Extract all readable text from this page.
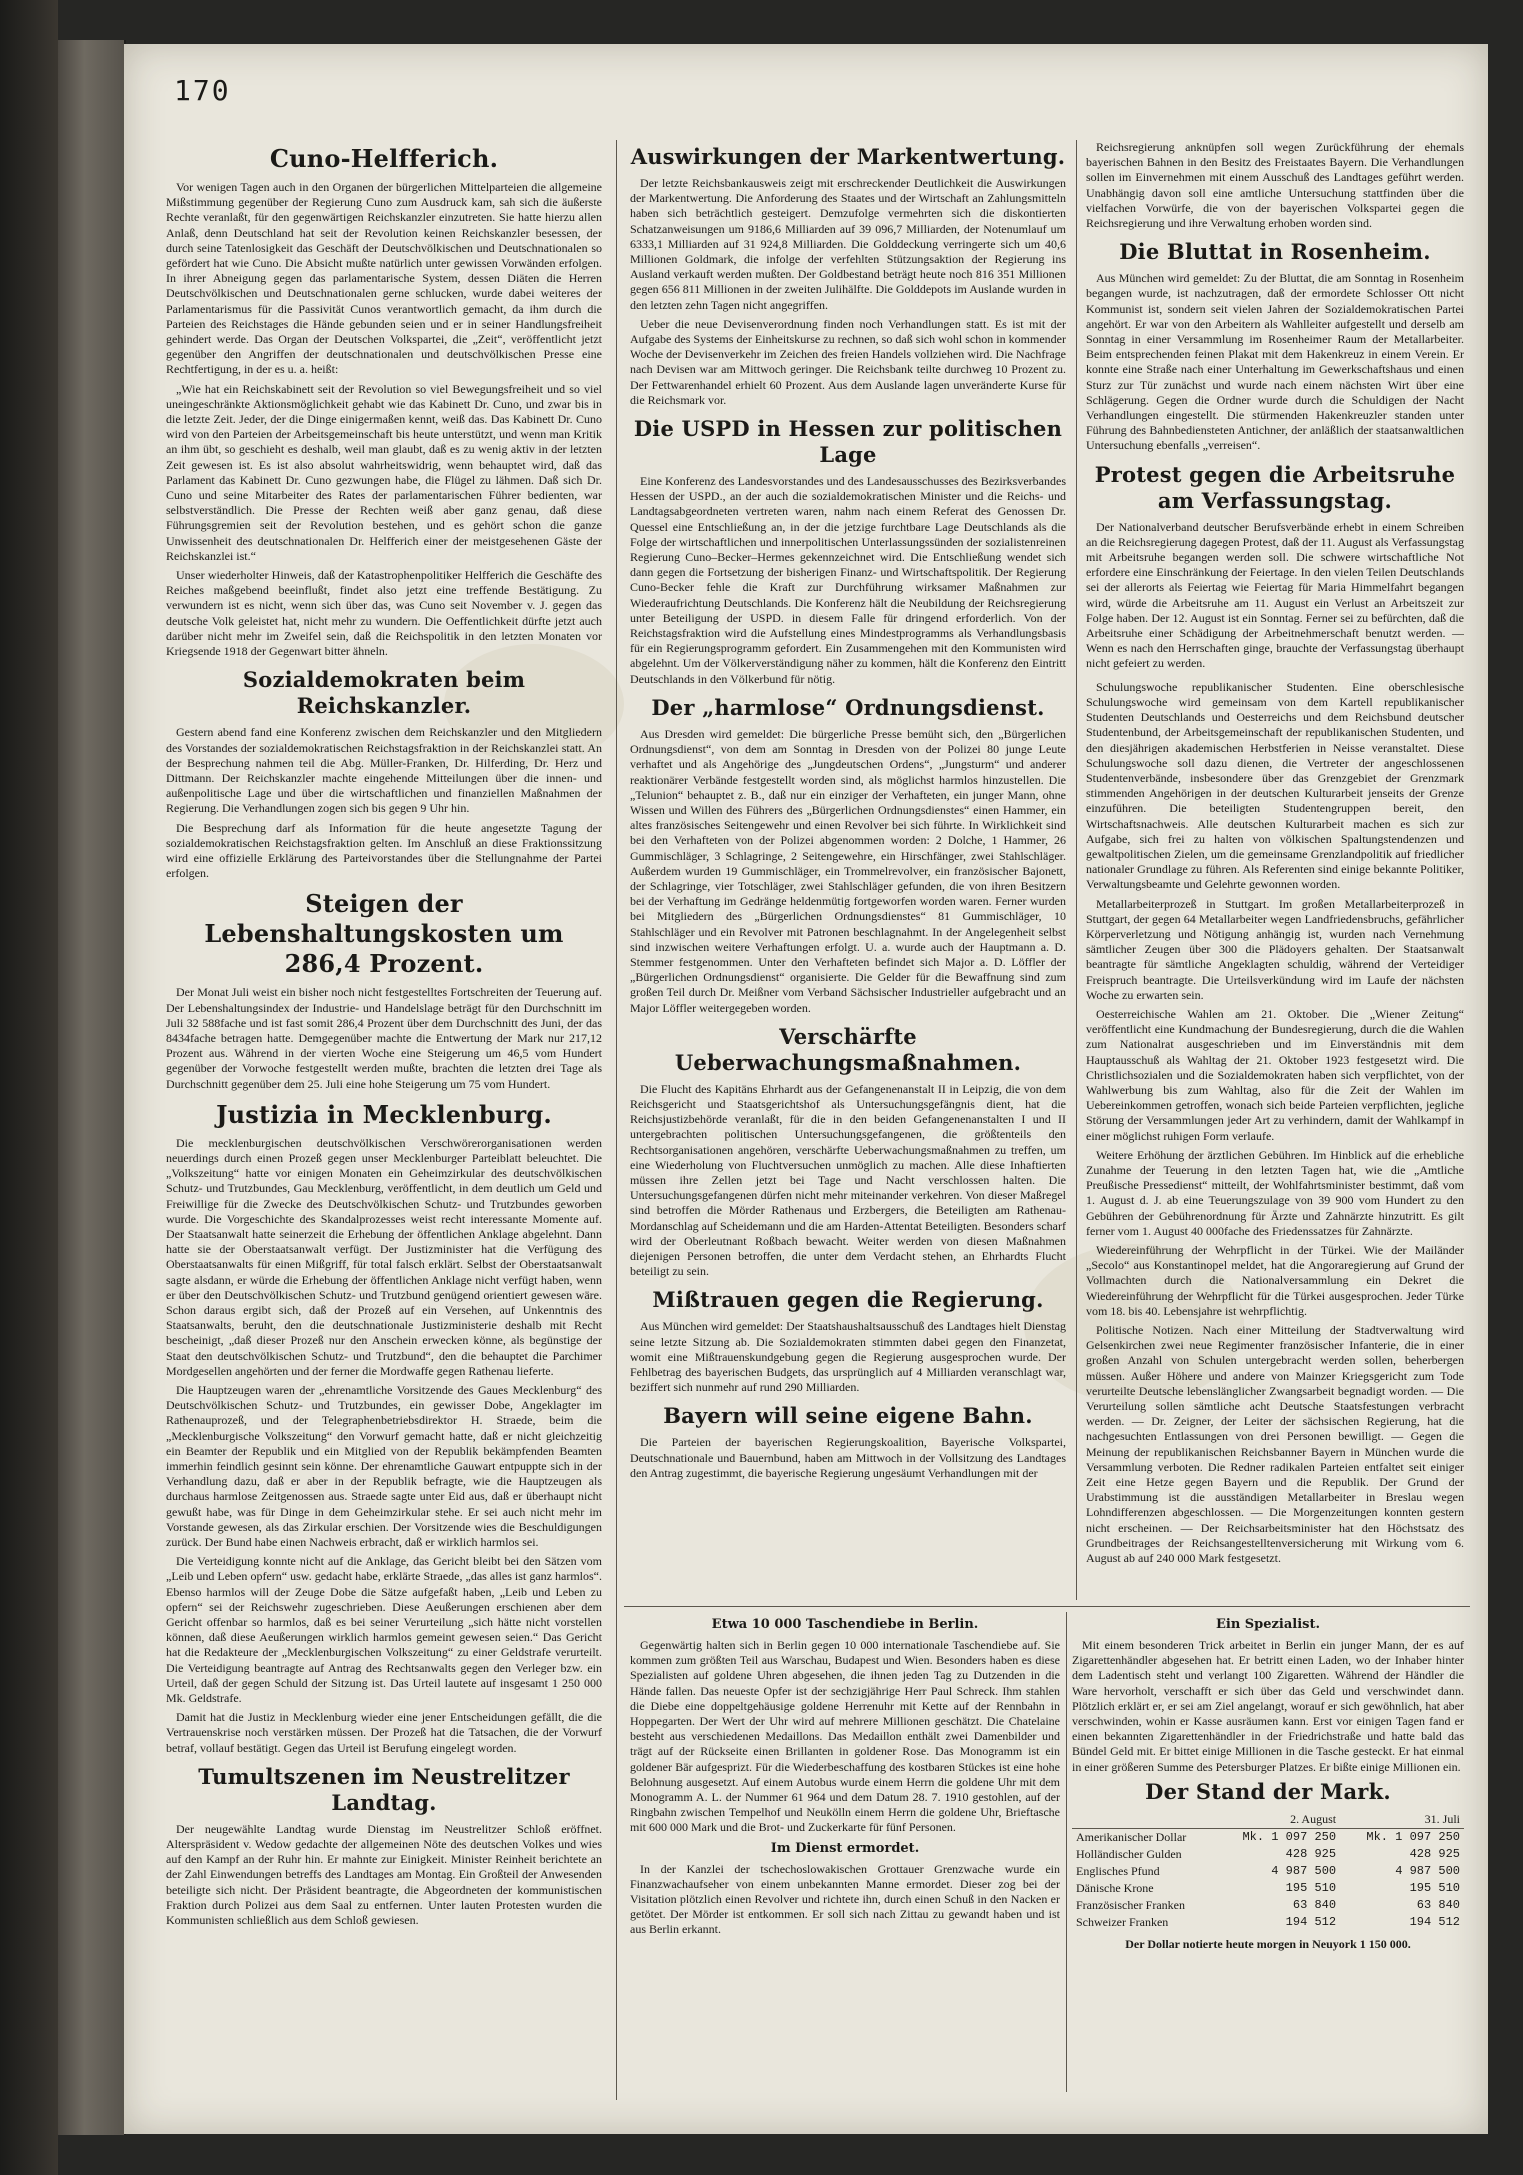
170
Cuno-Helfferich.

Vor wenigen Tagen auch in den Organen der bürgerlichen Mittelparteien die allgemeine Mißstimmung gegenüber der Regierung Cuno zum Ausdruck kam, sah sich die äußerste Rechte veranlaßt, für den gegenwärtigen Reichskanzler einzutreten. Sie hatte hierzu allen Anlaß, denn Deutschland hat seit der Revolution keinen Reichskanzler besessen, der durch seine Tatenlosigkeit das Geschäft der Deutschvölkischen und Deutschnationalen so gefördert hat wie Cuno. Die Absicht mußte natürlich unter gewissen Vorwänden erfolgen. In ihrer Abneigung gegen das parlamentarische System, dessen Diäten die Herren Deutschvölkischen und Deutschnationalen gerne schlucken, wurde dabei weiteres der Parlamentarismus für die Passivität Cunos verantwortlich gemacht, da ihm durch die Parteien des Reichstages die Hände gebunden seien und er in seiner Handlungsfreiheit gehindert werde. Das Organ der Deutschen Volkspartei, die „Zeit“, veröffentlicht jetzt gegenüber den Angriffen der deutschnationalen und deutschvölkischen Presse eine Rechtfertigung, in der es u. a. heißt:

„Wie hat ein Reichskabinett seit der Revolution so viel Bewegungsfreiheit und so viel uneingeschränkte Aktionsmöglichkeit gehabt wie das Kabinett Dr. Cuno, und zwar bis in die letzte Zeit. Jeder, der die Dinge einigermaßen kennt, weiß das. Das Kabinett Dr. Cuno wird von den Parteien der Arbeitsgemeinschaft bis heute unterstützt, und wenn man Kritik an ihm übt, so geschieht es deshalb, weil man glaubt, daß es zu wenig aktiv in der letzten Zeit gewesen ist. Es ist also absolut wahrheitswidrig, wenn behauptet wird, daß das Parlament das Kabinett Dr. Cuno gezwungen habe, die Flügel zu lähmen. Daß sich Dr. Cuno und seine Mitarbeiter des Rates der parlamentarischen Führer bedienten, war selbstverständlich. Die Presse der Rechten weiß aber ganz genau, daß diese Führungsgremien seit der Revolution bestehen, und es gehört schon die ganze Unwissenheit des deutschnationalen Dr. Helfferich einer der meistgesehenen Gäste der Reichskanzlei ist.“

Unser wiederholter Hinweis, daß der Katastrophenpolitiker Helfferich die Geschäfte des Reiches maßgebend beeinflußt, findet also jetzt eine treffende Bestätigung. Zu verwundern ist es nicht, wenn sich über das, was Cuno seit November v. J. gegen das deutsche Volk geleistet hat, nicht mehr zu wundern. Die Oeffentlichkeit dürfte jetzt auch darüber nicht mehr im Zweifel sein, daß die Reichspolitik in den letzten Monaten vor Kriegsende 1918 der Gegenwart bitter ähneln.

Sozialdemokraten beim Reichskanzler.

Gestern abend fand eine Konferenz zwischen dem Reichskanzler und den Mitgliedern des Vorstandes der sozialdemokratischen Reichstagsfraktion in der Reichskanzlei statt. An der Besprechung nahmen teil die Abg. Müller-Franken, Dr. Hilferding, Dr. Herz und Dittmann. Der Reichskanzler machte eingehende Mitteilungen über die innen- und außenpolitische Lage und über die wirtschaftlichen und finanziellen Maßnahmen der Regierung. Die Verhandlungen zogen sich bis gegen 9 Uhr hin.

Die Besprechung darf als Information für die heute angesetzte Tagung der sozialdemokratischen Reichstagsfraktion gelten. Im Anschluß an diese Fraktionssitzung wird eine offizielle Erklärung des Parteivorstandes über die Stellungnahme der Partei erfolgen.

Steigen der Lebenshaltungskosten um 286,4 Prozent.

Der Monat Juli weist ein bisher noch nicht festgestelltes Fortschreiten der Teuerung auf. Der Lebenshaltungsindex der Industrie- und Handelslage beträgt für den Durchschnitt im Juli 32 588fache und ist fast somit 286,4 Prozent über dem Durchschnitt des Juni, der das 8434fache betragen hatte. Demgegenüber machte die Entwertung der Mark nur 217,12 Prozent aus. Während in der vierten Woche eine Steigerung um 46,5 vom Hundert gegenüber der Vorwoche festgestellt werden mußte, brachten die letzten drei Tage als Durchschnitt gegenüber dem 25. Juli eine hohe Steigerung um 75 vom Hundert.

Justizia in Mecklenburg.

Die mecklenburgischen deutschvölkischen Verschwörerorganisationen werden neuerdings durch einen Prozeß gegen unser Mecklenburger Parteiblatt beleuchtet. Die „Volkszeitung“ hatte vor einigen Monaten ein Geheimzirkular des deutschvölkischen Schutz- und Trutzbundes, Gau Mecklenburg, veröffentlicht, in dem deutlich um Geld und Freiwillige für die Zwecke des Deutschvölkischen Schutz- und Trutzbundes geworben wurde. Die Vorgeschichte des Skandalprozesses weist recht interessante Momente auf. Der Staatsanwalt hatte seinerzeit die Erhebung der öffentlichen Anklage abgelehnt. Dann hatte sie der Oberstaatsanwalt verfügt. Der Justizminister hat die Verfügung des Oberstaatsanwalts für einen Mißgriff, für total falsch erklärt. Selbst der Oberstaatsanwalt sagte alsdann, er würde die Erhebung der öffentlichen Anklage nicht verfügt haben, wenn er über den Deutschvölkischen Schutz- und Trutzbund genügend orientiert gewesen wäre. Schon daraus ergibt sich, daß der Prozeß auf ein Versehen, auf Unkenntnis des Staatsanwalts, beruht, den die deutschnationale Justizministerie deshalb mit Recht bescheinigt, „daß dieser Prozeß nur den Anschein erwecken könne, als begünstige der Staat den deutschvölkischen Schutz- und Trutzbund“, den die behauptet die Parchimer Mordgesellen angehörten und der ferner die Mordwaffe gegen Rathenau lieferte.

Die Hauptzeugen waren der „ehrenamtliche Vorsitzende des Gaues Mecklenburg“ des Deutschvölkischen Schutz- und Trutzbundes, ein gewisser Dobe, Angeklagter im Rathenauprozeß, und der Telegraphenbetriebsdirektor H. Straede, beim die „Mecklenburgische Volkszeitung“ den Vorwurf gemacht hatte, daß er nicht gleichzeitig ein Beamter der Republik und ein Mitglied von der Republik bekämpfenden Beamten immerhin feindlich gesinnt sein könne. Der ehrenamtliche Gauwart entpuppte sich in der Verhandlung dazu, daß er aber in der Republik befragte, wie die Hauptzeugen als durchaus harmlose Zeitgenossen aus. Straede sagte unter Eid aus, daß er überhaupt nicht gewußt habe, was für Dinge in dem Geheimzirkular stehe. Er sei auch nicht mehr im Vorstande gewesen, als das Zirkular erschien. Der Vorsitzende wies die Beschuldigungen zurück. Der Bund habe einen Nachweis erbracht, daß er wirklich harmlos sei.

Die Verteidigung konnte nicht auf die Anklage, das Gericht bleibt bei den Sätzen vom „Leib und Leben opfern“ usw. gedacht habe, erklärte Straede, „das alles ist ganz harmlos“. Ebenso harmlos will der Zeuge Dobe die Sätze aufgefaßt haben, „Leib und Leben zu opfern“ sei der Reichswehr zugeschrieben. Diese Aeußerungen erschienen aber dem Gericht offenbar so harmlos, daß es bei seiner Verurteilung „sich hätte nicht vorstellen können, daß diese Aeußerungen wirklich harmlos gemeint gewesen seien.“ Das Gericht hat die Redakteure der „Mecklenburgischen Volkszeitung“ zu einer Geldstrafe verurteilt. Die Verteidigung beantragte auf Antrag des Rechtsanwalts gegen den Verleger bzw. ein Urteil, daß der gegen Schuld der Sitzung ist. Das Urteil lautete auf insgesamt 1 250 000 Mk. Geldstrafe.

Damit hat die Justiz in Mecklenburg wieder eine jener Entscheidungen gefällt, die die Vertrauenskrise noch verstärken müssen. Der Prozeß hat die Tatsachen, die der Vorwurf betraf, vollauf bestätigt. Gegen das Urteil ist Berufung eingelegt worden.

Tumultszenen im Neustrelitzer Landtag.

Der neugewählte Landtag wurde Dienstag im Neustrelitzer Schloß eröffnet. Alterspräsident v. Wedow gedachte der allgemeinen Nöte des deutschen Volkes und wies auf den Kampf an der Ruhr hin. Er mahnte zur Einigkeit. Minister Reinheit berichtete an der Zahl Einwendungen betreffs des Landtages am Montag. Ein Großteil der Anwesenden beteiligte sich nicht. Der Präsident beantragte, die Abgeordneten der kommunistischen Fraktion durch Polizei aus dem Saal zu entfernen. Unter lauten Protesten wurden die Kommunisten schließlich aus dem Schloß gewiesen.

Auswirkungen der Markentwertung.

Der letzte Reichsbankausweis zeigt mit erschreckender Deutlichkeit die Auswirkungen der Markentwertung. Die Anforderung des Staates und der Wirtschaft an Zahlungsmitteln haben sich beträchtlich gesteigert. Demzufolge vermehrten sich die diskontierten Schatzanweisungen um 9186,6 Milliarden auf 39 096,7 Milliarden, der Notenumlauf um 6333,1 Milliarden auf 31 924,8 Milliarden. Die Golddeckung verringerte sich um 40,6 Millionen Goldmark, die infolge der verfehlten Stützungsaktion der Regierung ins Ausland verkauft werden mußten. Der Goldbestand beträgt heute noch 816 351 Millionen gegen 656 811 Millionen in der zweiten Julihälfte. Die Golddepots im Auslande wurden in den letzten zehn Tagen nicht angegriffen.

Ueber die neue Devisenverordnung finden noch Verhandlungen statt. Es ist mit der Aufgabe des Systems der Einheitskurse zu rechnen, so daß sich wohl schon in kommender Woche der Devisenverkehr im Zeichen des freien Handels vollziehen wird. Die Nachfrage nach Devisen war am Mittwoch geringer. Die Reichsbank teilte durchweg 10 Prozent zu. Der Fettwarenhandel erhielt 60 Prozent. Aus dem Auslande lagen unveränderte Kurse für die Reichsmark vor.

Die USPD in Hessen zur politischen Lage

Eine Konferenz des Landesvorstandes und des Landesausschusses des Bezirksverbandes Hessen der USPD., an der auch die sozialdemokratischen Minister und die Reichs- und Landtagsabgeordneten vertreten waren, nahm nach einem Referat des Genossen Dr. Quessel eine Entschließung an, in der die jetzige furchtbare Lage Deutschlands als die Folge der wirtschaftlichen und innerpolitischen Unterlassungssünden der sozialistenreinen Regierung Cuno–Becker–Hermes gekennzeichnet wird. Die Entschließung wendet sich dann gegen die Fortsetzung der bisherigen Finanz- und Wirtschaftspolitik. Der Regierung Cuno-Becker fehle die Kraft zur Durchführung wirksamer Maßnahmen zur Wiederaufrichtung Deutschlands. Die Konferenz hält die Neubildung der Reichsregierung unter Beteiligung der USPD. in diesem Falle für dringend erforderlich. Von der Reichstagsfraktion wird die Aufstellung eines Mindestprogramms als Verhandlungsbasis für ein Regierungsprogramm gefordert. Ein Zusammengehen mit den Kommunisten wird abgelehnt. Um der Völkerverständigung näher zu kommen, hält die Konferenz den Eintritt Deutschlands in den Völkerbund für nötig.

Der „harmlose“ Ordnungsdienst.

Aus Dresden wird gemeldet: Die bürgerliche Presse bemüht sich, den „Bürgerlichen Ordnungsdienst“, von dem am Sonntag in Dresden von der Polizei 80 junge Leute verhaftet und als Angehörige des „Jungdeutschen Ordens“, „Jungsturm“ und anderer reaktionärer Verbände festgestellt worden sind, als möglichst harmlos hinzustellen. Die „Telunion“ behauptet z. B., daß nur ein einziger der Verhafteten, ein junger Mann, ohne Wissen und Willen des Führers des „Bürgerlichen Ordnungsdienstes“ einen Hammer, ein altes französisches Seitengewehr und einen Revolver bei sich führte. In Wirklichkeit sind bei den Verhafteten von der Polizei abgenommen worden: 2 Dolche, 1 Hammer, 26 Gummischläger, 3 Schlagringe, 2 Seitengewehre, ein Hirschfänger, zwei Stahlschläger. Außerdem wurden 19 Gummischläger, ein Trommelrevolver, ein französischer Bajonett, der Schlagringe, vier Totschläger, zwei Stahlschläger gefunden, die von ihren Besitzern bei der Verhaftung im Gedränge heldenmütig fortgeworfen worden waren. Ferner wurden bei Mitgliedern des „Bürgerlichen Ordnungsdienstes“ 81 Gummischläger, 10 Stahlschläger und ein Revolver mit Patronen beschlagnahmt. In der Angelegenheit selbst sind inzwischen weitere Verhaftungen erfolgt. U. a. wurde auch der Hauptmann a. D. Stemmer festgenommen. Unter den Verhafteten befindet sich Major a. D. Löffler der „Bürgerlichen Ordnungsdienst“ organisierte. Die Gelder für die Bewaffnung sind zum großen Teil durch Dr. Meißner vom Verband Sächsischer Industrieller aufgebracht und an Major Löffler weitergegeben worden.

Verschärfte Ueberwachungsmaßnahmen.

Die Flucht des Kapitäns Ehrhardt aus der Gefangenenanstalt II in Leipzig, die von dem Reichsgericht und Staatsgerichtshof als Untersuchungsgefängnis dient, hat die Reichsjustizbehörde veranlaßt, für die in den beiden Gefangenenanstalten I und II untergebrachten politischen Untersuchungsgefangenen, die größtenteils den Rechtsorganisationen angehören, verschärfte Ueberwachungsmaßnahmen zu treffen, um eine Wiederholung von Fluchtversuchen unmöglich zu machen. Alle diese Inhaftierten müssen ihre Zellen jetzt bei Tage und Nacht verschlossen halten. Die Untersuchungsgefangenen dürfen nicht mehr miteinander verkehren. Von dieser Maßregel sind betroffen die Mörder Rathenaus und Erzbergers, die Beteiligten am Rathenau-Mordanschlag auf Scheidemann und die am Harden-Attentat Beteiligten. Besonders scharf wird der Oberleutnant Roßbach bewacht. Weiter werden von diesen Maßnahmen diejenigen Personen betroffen, die unter dem Verdacht stehen, an Ehrhardts Flucht beteiligt zu sein.

Mißtrauen gegen die Regierung.

Aus München wird gemeldet: Der Staatshaushaltsausschuß des Landtages hielt Dienstag seine letzte Sitzung ab. Die Sozialdemokraten stimmten dabei gegen den Finanzetat, womit eine Mißtrauenskundgebung gegen die Regierung ausgesprochen wurde. Der Fehlbetrag des bayerischen Budgets, das ursprünglich auf 4 Milliarden veranschlagt war, beziffert sich nunmehr auf rund 290 Milliarden.

Bayern will seine eigene Bahn.

Die Parteien der bayerischen Regierungskoalition, Bayerische Volkspartei, Deutschnationale und Bauernbund, haben am Mittwoch in der Vollsitzung des Landtages den Antrag zugestimmt, die bayerische Regierung ungesäumt Verhandlungen mit der

Reichsregierung anknüpfen soll wegen Zurückführung der ehemals bayerischen Bahnen in den Besitz des Freistaates Bayern. Die Verhandlungen sollen im Einvernehmen mit einem Ausschuß des Landtages geführt werden. Unabhängig davon soll eine amtliche Untersuchung stattfinden über die vielfachen Vorwürfe, die von der bayerischen Volkspartei gegen die Reichsregierung und ihre Verwaltung erhoben worden sind.

Die Bluttat in Rosenheim.

Aus München wird gemeldet: Zu der Bluttat, die am Sonntag in Rosenheim begangen wurde, ist nachzutragen, daß der ermordete Schlosser Ott nicht Kommunist ist, sondern seit vielen Jahren der Sozialdemokratischen Partei angehört. Er war von den Arbeitern als Wahlleiter aufgestellt und derselb am Sonntag in einer Versammlung im Rosenheimer Raum der Metallarbeiter. Beim entsprechenden feinen Plakat mit dem Hakenkreuz in einem Verein. Er konnte eine Straße nach einer Unterhaltung im Gewerkschaftshaus und einen Sturz zur Tür zunächst und wurde nach einem nächsten Wirt über eine Schlägerung. Gegen die Ordner wurde durch die Schuldigen der Nacht Verhandlungen eingestellt. Die stürmenden Hakenkreuzler standen unter Führung des Bahnbediensteten Antichner, der anläßlich der staatsanwaltlichen Untersuchung ebenfalls „verreisen“.

Protest gegen die Arbeitsruhe am Verfassungstag.

Der Nationalverband deutscher Berufsverbände erhebt in einem Schreiben an die Reichsregierung dagegen Protest, daß der 11. August als Verfassungstag mit Arbeitsruhe begangen werden soll. Die schwere wirtschaftliche Not erfordere eine Einschränkung der Feiertage. In den vielen Teilen Deutschlands sei der allerorts als Feiertag wie Feiertag für Maria Himmelfahrt begangen wird, würde die Arbeitsruhe am 11. August ein Verlust an Arbeitszeit zur Folge haben. Der 12. August ist ein Sonntag. Ferner sei zu befürchten, daß die Arbeitsruhe einer Schädigung der Arbeitnehmerschaft benutzt werden. — Wenn es nach den Herrschaften ginge, brauchte der Verfassungstag überhaupt nicht gefeiert zu werden.

Schulungswoche republikanischer Studenten. Eine oberschlesische Schulungswoche wird gemeinsam von dem Kartell republikanischer Studenten Deutschlands und Oesterreichs und dem Reichsbund deutscher Studentenbund, der Arbeitsgemeinschaft der republikanischen Studenten, und den diesjährigen akademischen Herbstferien in Neisse veranstaltet. Diese Schulungswoche soll dazu dienen, die Vertreter der angeschlossenen Studentenverbände, insbesondere über das Grenzgebiet der Grenzmark stimmenden Angehörigen in der deutschen Kulturarbeit jenseits der Grenze einzuführen. Die beteiligten Studentengruppen bereit, den Wirtschaftsnachweis. Alle deutschen Kulturarbeit machen es sich zur Aufgabe, sich frei zu halten von völkischen Spaltungstendenzen und gewaltpolitischen Zielen, um die gemeinsame Grenzlandpolitik auf friedlicher nationaler Grundlage zu führen. Als Referenten sind einige bekannte Politiker, Verwaltungsbeamte und Gelehrte gewonnen worden.

Metallarbeiterprozeß in Stuttgart. Im großen Metallarbeiterprozeß in Stuttgart, der gegen 64 Metallarbeiter wegen Landfriedensbruchs, gefährlicher Körperverletzung und Nötigung anhängig ist, wurden nach Vernehmung sämtlicher Zeugen über 300 die Plädoyers gehalten. Der Staatsanwalt beantragte für sämtliche Angeklagten schuldig, während der Verteidiger Freispruch beantragte. Die Urteilsverkündung wird im Laufe der nächsten Woche zu erwarten sein.

Oesterreichische Wahlen am 21. Oktober. Die „Wiener Zeitung“ veröffentlicht eine Kundmachung der Bundesregierung, durch die die Wahlen zum Nationalrat ausgeschrieben und im Einverständnis mit dem Hauptausschuß als Wahltag der 21. Oktober 1923 festgesetzt wird. Die Christlichsozialen und die Sozialdemokraten haben sich verpflichtet, von der Wahlwerbung bis zum Wahltag, also für die Zeit der Wahlen im Uebereinkommen getroffen, wonach sich beide Parteien verpflichten, jegliche Störung der Versammlungen jeder Art zu verhindern, damit der Wahlkampf in einer möglichst ruhigen Form verlaufe.

Weitere Erhöhung der ärztlichen Gebühren. Im Hinblick auf die erhebliche Zunahme der Teuerung in den letzten Tagen hat, wie die „Amtliche Preußische Pressedienst“ mitteilt, der Wohlfahrtsminister bestimmt, daß vom 1. August d. J. ab eine Teuerungszulage von 39 900 vom Hundert zu den Gebühren der Gebührenordnung für Ärzte und Zahnärzte hinzutritt. Es gilt ferner vom 1. August 40 000fache des Friedenssatzes für Zahnärzte.

Wiedereinführung der Wehrpflicht in der Türkei. Wie der Mailänder „Secolo“ aus Konstantinopel meldet, hat die Angoraregierung auf Grund der Vollmachten durch die Nationalversammlung ein Dekret die Wiedereinführung der Wehrpflicht für die Türkei ausgesprochen. Jeder Türke vom 18. bis 40. Lebensjahre ist wehrpflichtig.

Politische Notizen. Nach einer Mitteilung der Stadtverwaltung wird Gelsenkirchen zwei neue Regimenter französischer Infanterie, die in einer großen Anzahl von Schulen untergebracht werden sollen, beherbergen müssen. Außer Höhere und andere von Mainzer Kriegsgericht zum Tode verurteilte Deutsche lebenslänglicher Zwangsarbeit begnadigt worden. — Die Verurteilung sollen sämtliche acht Deutsche Staatsfestungen verbracht werden. — Dr. Zeigner, der Leiter der sächsischen Regierung, hat die nachgesuchten Entlassungen von drei Personen bewilligt. — Gegen die Meinung der republikanischen Reichsbanner Bayern in München wurde die Versammlung verboten. Die Redner radikalen Parteien entfaltet seit einiger Zeit eine Hetze gegen Bayern und die Republik. Der Grund der Urabstimmung ist die ausständigen Metallarbeiter in Breslau wegen Lohndifferenzen abgeschlossen. — Die Morgenzeitungen konnten gestern nicht erscheinen. — Der Reichsarbeitsminister hat den Höchstsatz des Grundbeitrages der Reichsangestelltenversicherung mit Wirkung vom 6. August ab auf 240 000 Mark festgesetzt.

Etwa 10 000 Taschendiebe in Berlin.

Gegenwärtig halten sich in Berlin gegen 10 000 internationale Taschendiebe auf. Sie kommen zum größten Teil aus Warschau, Budapest und Wien. Besonders haben es diese Spezialisten auf goldene Uhren abgesehen, die ihnen jeden Tag zu Dutzenden in die Hände fallen. Das neueste Opfer ist der sechzigjährige Herr Paul Schreck. Ihm stahlen die Diebe eine doppeltgehäusige goldene Herrenuhr mit Kette auf der Rennbahn in Hoppegarten. Der Wert der Uhr wird auf mehrere Millionen geschätzt. Die Chatelaine besteht aus verschiedenen Medaillons. Das Medaillon enthält zwei Damenbilder und trägt auf der Rückseite einen Brillanten in goldener Rose. Das Monogramm ist ein goldener Bär aufgesprizt. Für die Wiederbeschaffung des kostbaren Stückes ist eine hohe Belohnung ausgesetzt. Auf einem Autobus wurde einem Herrn die goldene Uhr mit dem Monogramm A. L. der Nummer 61 964 und dem Datum 28. 7. 1910 gestohlen, auf der Ringbahn zwischen Tempelhof und Neukölln einem Herrn die goldene Uhr, Brieftasche mit 600 000 Mark und die Brot- und Zuckerkarte für fünf Personen.

Im Dienst ermordet.

In der Kanzlei der tschechoslowakischen Grottauer Grenzwache wurde ein Finanzwachaufseher von einem unbekannten Manne ermordet. Dieser zog bei der Visitation plötzlich einen Revolver und richtete ihn, durch einen Schuß in den Nacken er getötet. Der Mörder ist entkommen. Er soll sich nach Zittau zu gewandt haben und ist aus Berlin erkannt.

Ein Spezialist.

Mit einem besonderen Trick arbeitet in Berlin ein junger Mann, der es auf Zigarettenhändler abgesehen hat. Er betritt einen Laden, wo der Inhaber hinter dem Ladentisch steht und verlangt 100 Zigaretten. Während der Händler die Ware hervorholt, verschafft er sich über das Geld und verschwindet dann. Plötzlich erklärt er, er sei am Ziel angelangt, worauf er sich gewöhnlich, hat aber verschwinden, wohin er Kasse ausräumen kann. Erst vor einigen Tagen fand er einen bekannten Zigarettenhändler in der Friedrichstraße und hatte bald das Bündel Geld mit. Er bittet einige Millionen in die Tasche gesteckt. Er hat einmal in einer größeren Summe des Petersburger Platzes. Er bißte einige Millionen ein.

Der Stand der Mark.
	2. August	31. Juli
Amerikanischer Dollar	Mk. 1 097 250	Mk. 1 097 250
Holländischer Gulden	428 925	428 925
Englisches Pfund	4 987 500	4 987 500
Dänische Krone	195 510	195 510
Französischer Franken	63 840	63 840
Schweizer Franken	194 512	194 512
Der Dollar notierte heute morgen in Neuyork 1 150 000.
